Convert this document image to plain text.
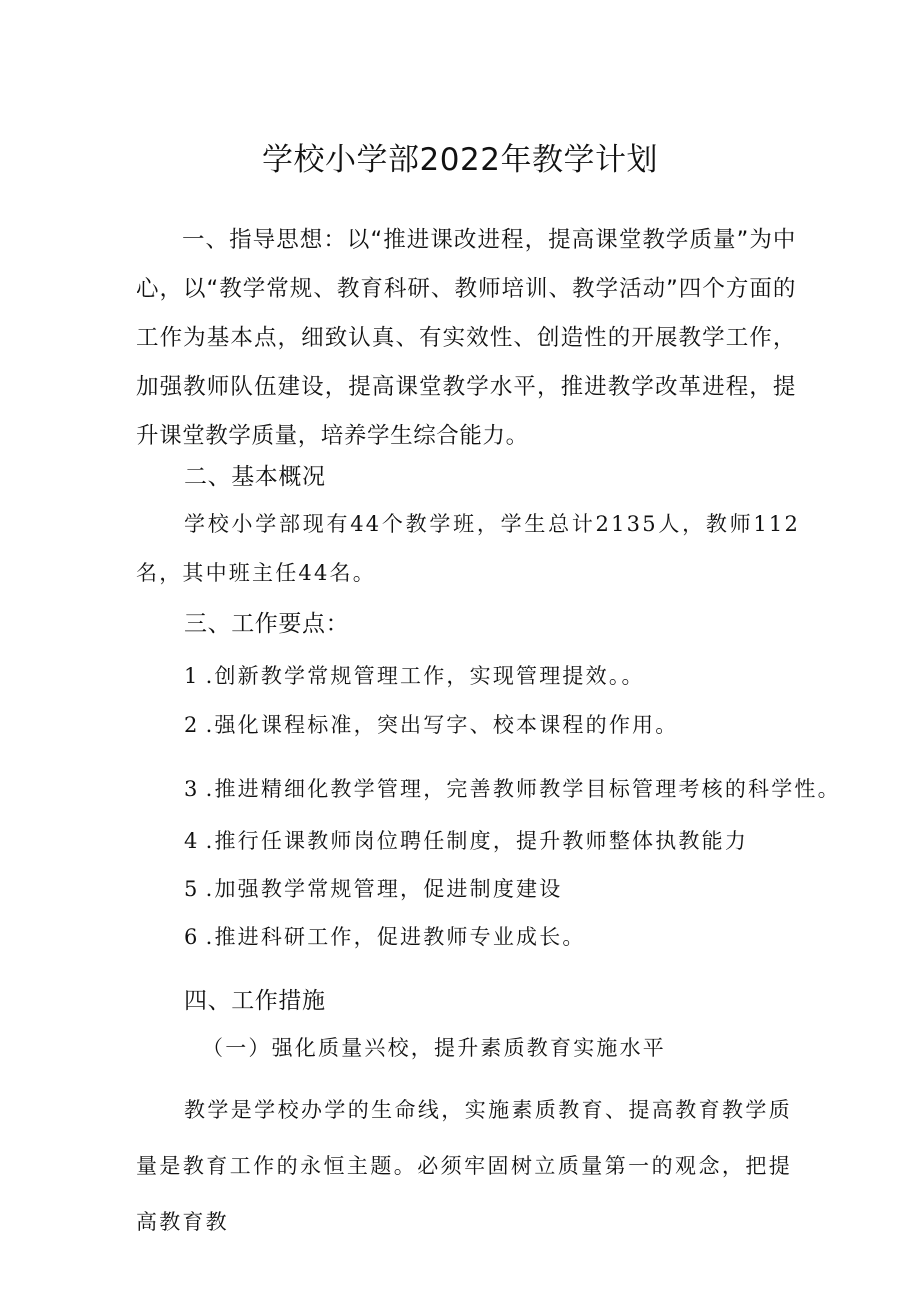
学校小学部2022年教学计划
一、指导思想：以“推进课改进程，提高课堂教学质量”为中心，以“教学常规、教育科研、教师培训、教学活动”四个方面的工作为基本点，细致认真、有实效性、创造性的开展教学工作，加强教师队伍建设，提高课堂教学水平，推进教学改革进程，提升课堂教学质量，培养学生综合能力。
二、基本概况
学校小学部现有44个教学班，学生总计2135人，教师112名，其中班主任44名。
三、工作要点：
1 .创新教学常规管理工作，实现管理提效。。
2 .强化课程标准，突出写字、校本课程的作用。
3 .推进精细化教学管理，完善教师教学目标管理考核的科学性。
4 .推行任课教师岗位聘任制度，提升教师整体执教能力
5 .加强教学常规管理，促进制度建设
6 .推进科研工作，促进教师专业成长。
四、工作措施
（一）强化质量兴校，提升素质教育实施水平
教学是学校办学的生命线，实施素质教育、提高教育教学质量是教育工作的永恒主题。必须牢固树立质量第一的观念，把提高教育教
